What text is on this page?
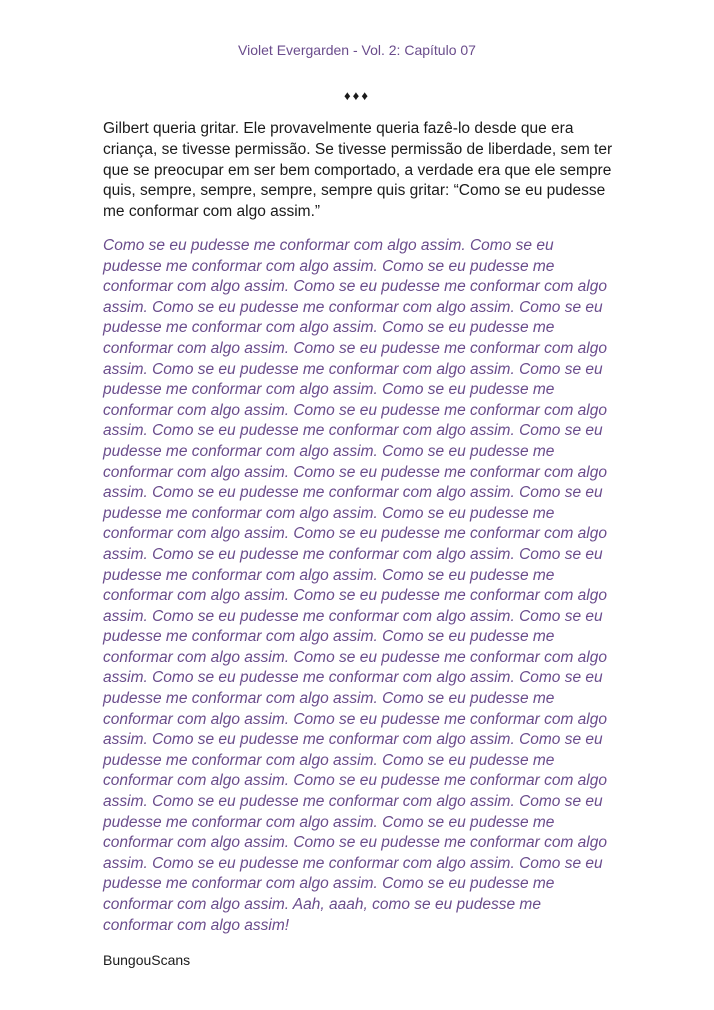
Violet Evergarden - Vol. 2: Capítulo 07
♦♦♦

Gilbert queria gritar. Ele provavelmente queria fazê-lo desde que era criança, se tivesse permissão. Se tivesse permissão de liberdade, sem ter que se preocupar em ser bem comportado, a verdade era que ele sempre quis, sempre, sempre, sempre, sempre quis gritar: “Como se eu pudesse me conformar com algo assim.”

Como se eu pudesse me conformar com algo assim. Como se eu pudesse me conformar com algo assim. Como se eu pudesse me conformar com algo assim. Como se eu pudesse me conformar com algo assim. Como se eu pudesse me conformar com algo assim. Como se eu pudesse me conformar com algo assim. Como se eu pudesse me conformar com algo assim. Como se eu pudesse me conformar com algo assim. Como se eu pudesse me conformar com algo assim. Como se eu pudesse me conformar com algo assim. Como se eu pudesse me conformar com algo assim. Como se eu pudesse me conformar com algo assim. Como se eu pudesse me conformar com algo assim. Como se eu pudesse me conformar com algo assim. Como se eu pudesse me conformar com algo assim. Como se eu pudesse me conformar com algo assim. Como se eu pudesse me conformar com algo assim. Como se eu pudesse me conformar com algo assim. Como se eu pudesse me conformar com algo assim. Como se eu pudesse me conformar com algo assim. Como se eu pudesse me conformar com algo assim. Como se eu pudesse me conformar com algo assim. Como se eu pudesse me conformar com algo assim. Como se eu pudesse me conformar com algo assim. Como se eu pudesse me conformar com algo assim. Como se eu pudesse me conformar com algo assim. Como se eu pudesse me conformar com algo assim. Como se eu pudesse me conformar com algo assim. Como se eu pudesse me conformar com algo assim. Como se eu pudesse me conformar com algo assim. Como se eu pudesse me conformar com algo assim. Como se eu pudesse me conformar com algo assim. Como se eu pudesse me conformar com algo assim. Como se eu pudesse me conformar com algo assim. Como se eu pudesse me conformar com algo assim. Como se eu pudesse me conformar com algo assim. Como se eu pudesse me conformar com algo assim. Como se eu pudesse me conformar com algo assim. Como se eu pudesse me conformar com algo assim. Como se eu pudesse me conformar com algo assim. Como se eu pudesse me conformar com algo assim. Como se eu pudesse me conformar com algo assim. Como se eu pudesse me conformar com algo assim. Aah, aaah, como se eu pudesse me conformar com algo assim!

BungouScans
